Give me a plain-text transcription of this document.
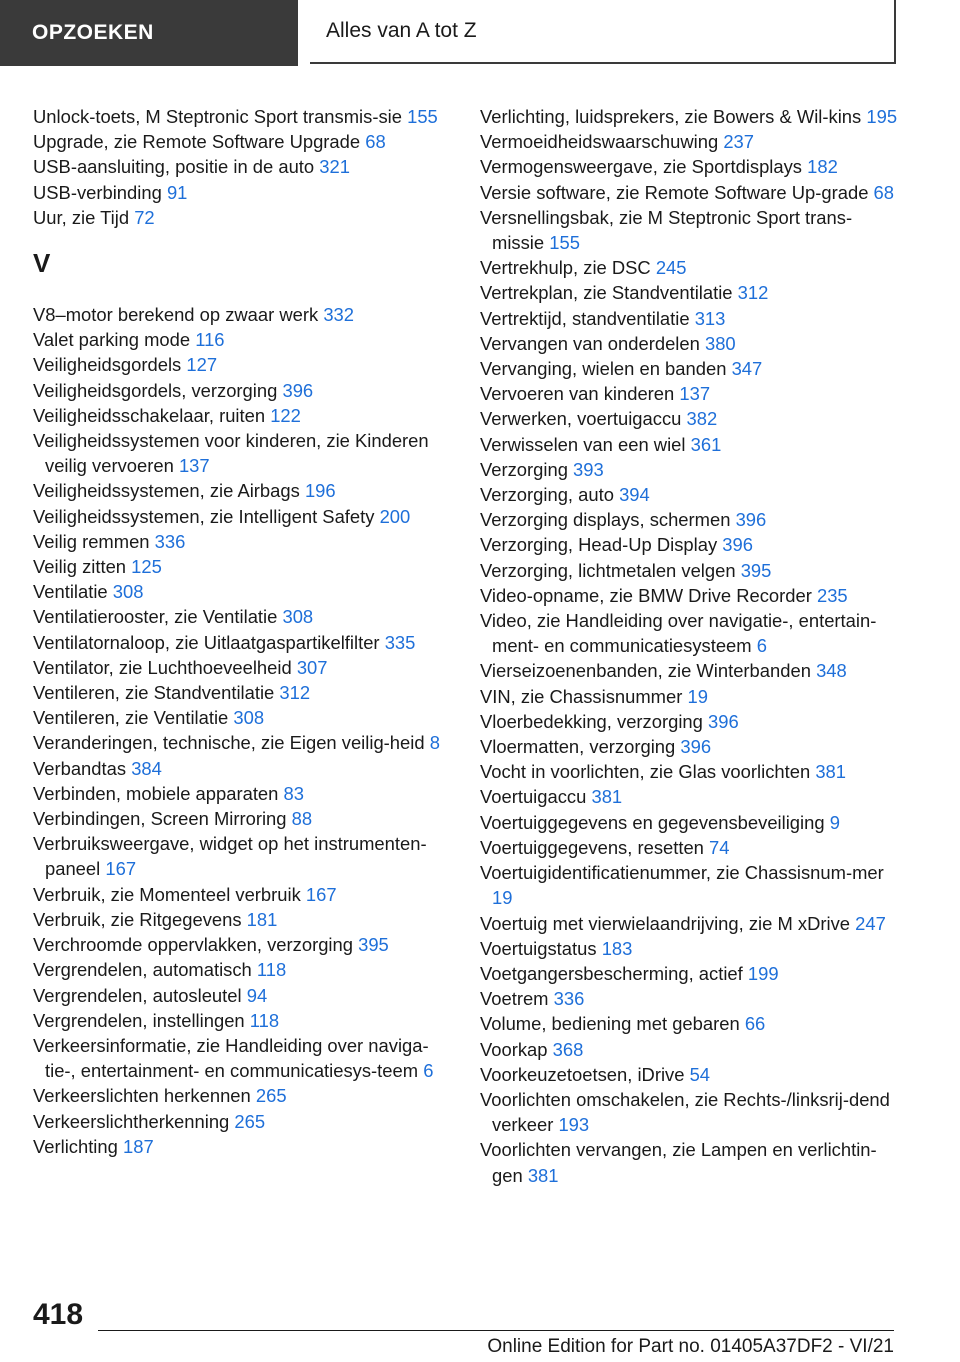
OPZOEKEN	Alles van A tot Z
Unlock-toets, M Steptronic Sport transmis-sie 155
Upgrade, zie Remote Software Upgrade 68
USB-aansluiting, positie in de auto 321
USB-verbinding 91
Uur, zie Tijd 72
V
V8–motor berekend op zwaar werk 332
Valet parking mode 116
Veiligheidsgordels 127
Veiligheidsgordels, verzorging 396
Veiligheidsschakelaar, ruiten 122
Veiligheidssystemen voor kinderen, zie Kinderen veilig vervoeren 137
Veiligheidssystemen, zie Airbags 196
Veiligheidssystemen, zie Intelligent Safety 200
Veilig remmen 336
Veilig zitten 125
Ventilatie 308
Ventilatierooster, zie Ventilatie 308
Ventilatornaloop, zie Uitlaatgaspartikelfilter 335
Ventilator, zie Luchthoeveelheid 307
Ventileren, zie Standventilatie 312
Ventileren, zie Ventilatie 308
Veranderingen, technische, zie Eigen veilig-heid 8
Verbandtas 384
Verbinden, mobiele apparaten 83
Verbindingen, Screen Mirroring 88
Verbruiksweergave, widget op het instrumenten-paneel 167
Verbruik, zie Momenteel verbruik 167
Verbruik, zie Ritgegevens 181
Verchroomde oppervlakken, verzorging 395
Vergrendelen, automatisch 118
Vergrendelen, autosleutel 94
Vergrendelen, instellingen 118
Verkeersinformatie, zie Handleiding over naviga-tie-, entertainment- en communicatiesys-teem 6
Verkeerslichten herkennen 265
Verkeerslichtherkenning 265
Verlichting 187
Verlichting, luidsprekers, zie Bowers & Wil-kins 195
Vermoeidheidswaarschuwing 237
Vermogensweergave, zie Sportdisplays 182
Versie software, zie Remote Software Up-grade 68
Versnellingsbak, zie M Steptronic Sport trans-missie 155
Vertrekhulp, zie DSC 245
Vertrekplan, zie Standventilatie 312
Vertrektijd, standventilatie 313
Vervangen van onderdelen 380
Vervanging, wielen en banden 347
Vervoeren van kinderen 137
Verwerken, voertuigaccu 382
Verwisselen van een wiel 361
Verzorging 393
Verzorging, auto 394
Verzorging displays, schermen 396
Verzorging, Head-Up Display 396
Verzorging, lichtmetalen velgen 395
Video-opname, zie BMW Drive Recorder 235
Video, zie Handleiding over navigatie-, entertain-ment- en communicatiesysteem 6
Vierseizoenenbanden, zie Winterbanden 348
VIN, zie Chassisnummer 19
Vloerbedekking, verzorging 396
Vloermatten, verzorging 396
Vocht in voorlichten, zie Glas voorlichten 381
Voertuigaccu 381
Voertuiggegevens en gegevensbeveiliging 9
Voertuiggegevens, resetten 74
Voertuigidentificatienummer, zie Chassisnum-mer 19
Voertuig met vierwielaandrijving, zie M xDrive 247
Voertuigstatus 183
Voetgangersbescherming, actief 199
Voetrem 336
Volume, bediening met gebaren 66
Voorkap 368
Voorkeuzetoetsen, iDrive 54
Voorlichten omschakelen, zie Rechts-/linksrij-dend verkeer 193
Voorlichten vervangen, zie Lampen en verlichtin-gen 381
418
Online Edition for Part no. 01405A37DF2 - VI/21
